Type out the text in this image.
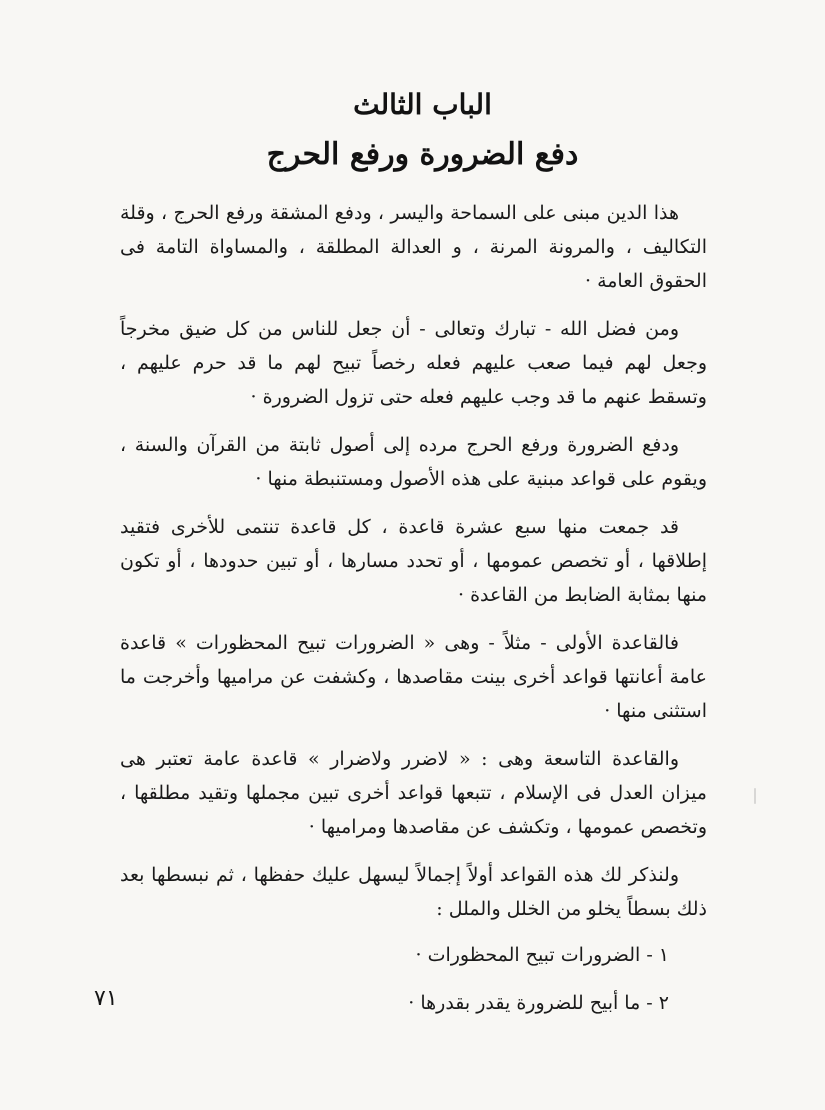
الباب الثالث
دفع الضرورة ورفع الحرج

هذا الدين مبنى على السماحة واليسر ، ودفع المشقة ورفع الحرج ، وقلة التكاليف ، والمرونة المرنة ، و العدالة المطلقة ، والمساواة التامة فى الحقوق العامة ·

ومن فضل الله - تبارك وتعالى - أن جعل للناس من كل ضيق مخرجاً وجعل لهم فيما صعب عليهم فعله رخصاً تبيح لهم ما قد حرم عليهم ، وتسقط عنهم ما قد وجب عليهم فعله حتى تزول الضرورة ·

ودفع الضرورة ورفع الحرج مرده إلى أصول ثابتة من القرآن والسنة ، ويقوم على قواعد مبنية على هذه الأصول ومستنبطة منها ·

قد جمعت منها سبع عشرة قاعدة ، كل قاعدة تنتمى للأخرى فتقيد إطلاقها ، أو تخصص عمومها ، أو تحدد مسارها ، أو تبين حدودها ، أو تكون منها بمثابة الضابط من القاعدة ·

فالقاعدة الأولى - مثلاً - وهى « الضرورات تبيح المحظورات » قاعدة عامة أعانتها قواعد أخرى بينت مقاصدها ، وكشفت عن مراميها وأخرجت ما استثنى منها ·

والقاعدة التاسعة وهى : « لاضرر ولاضرار » قاعدة عامة تعتبر هى ميزان العدل فى الإسلام ، تتبعها قواعد أخرى تبين مجملها وتقيد مطلقها ، وتخصص عمومها ، وتكشف عن مقاصدها ومراميها ·

ولنذكر لك هذه القواعد أولاً إجمالاً ليسهل عليك حفظها ، ثم نبسطها بعد ذلك بسطاً يخلو من الخلل والملل :

١ - الضرورات تبيح المحظورات ·
٢ - ما أبيح للضرورة يقدر بقدرها ·
٧١
